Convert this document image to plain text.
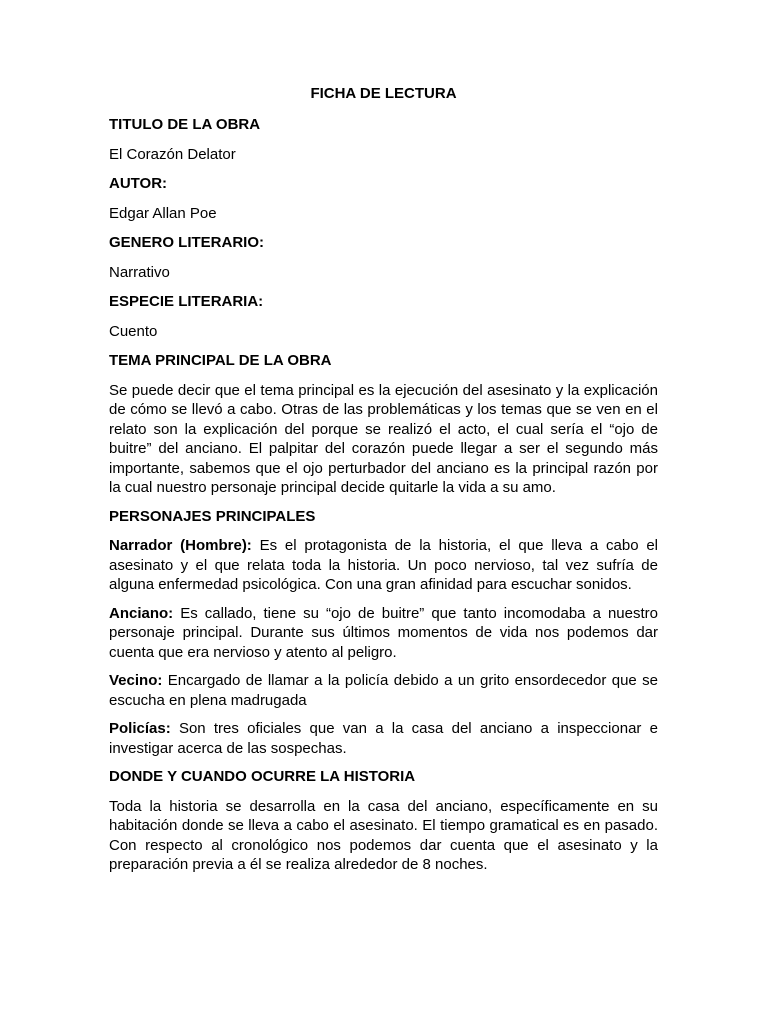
FICHA DE LECTURA
TITULO DE LA OBRA
El Corazón Delator
AUTOR:
Edgar Allan Poe
GENERO LITERARIO:
Narrativo
ESPECIE LITERARIA:
Cuento
TEMA PRINCIPAL DE LA OBRA
Se puede decir que el tema principal es la ejecución del asesinato y la explicación de cómo se llevó a cabo. Otras de las problemáticas y los temas que se ven en el relato son la explicación del porque se realizó el acto, el cual sería el “ojo de buitre” del anciano. El palpitar del corazón puede llegar a ser el segundo más importante, sabemos que el ojo perturbador del anciano es la principal razón por la cual nuestro personaje principal decide quitarle la vida a su amo.
PERSONAJES PRINCIPALES
Narrador (Hombre): Es el protagonista de la historia, el que lleva a cabo el asesinato y el que relata toda la historia. Un poco nervioso, tal vez sufría de alguna enfermedad psicológica. Con una gran afinidad para escuchar sonidos.
Anciano: Es callado, tiene su “ojo de buitre” que tanto incomodaba a nuestro personaje principal. Durante sus últimos momentos de vida nos podemos dar cuenta que era nervioso y atento al peligro.
Vecino: Encargado de llamar a la policía debido a un grito ensordecedor que se escucha en plena madrugada
Policías: Son tres oficiales que van a la casa del anciano a inspeccionar e investigar acerca de las sospechas.
DONDE Y CUANDO OCURRE LA HISTORIA
Toda la historia se desarrolla en la casa del anciano, específicamente en su habitación donde se lleva a cabo el asesinato. El tiempo gramatical es en pasado. Con respecto al cronológico nos podemos dar cuenta que el asesinato y la preparación previa a él se realiza alrededor de 8 noches.
